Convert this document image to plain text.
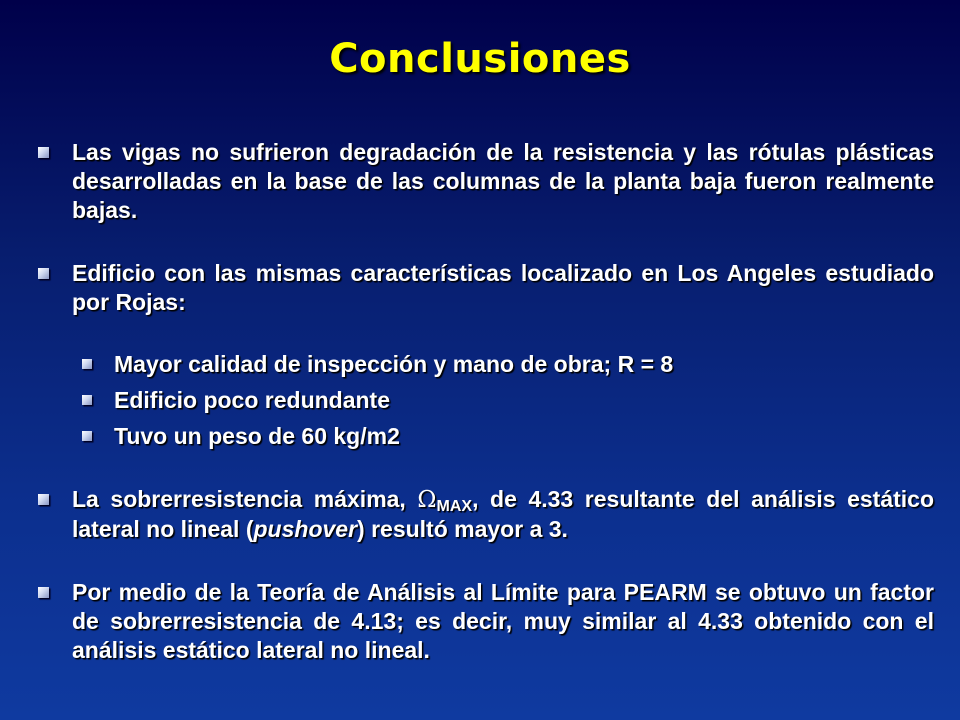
Conclusiones
Las vigas no sufrieron degradación de la resistencia y las rótulas plásticas desarrolladas en la base de las columnas de la planta baja fueron realmente bajas.
Edificio con las mismas características localizado en Los Angeles estudiado por Rojas:
Mayor calidad de inspección y mano de obra; R = 8
Edificio poco redundante
Tuvo un peso de 60 kg/m2
La sobrerresistencia máxima, $\Omega_{MAX}$, de 4.33 resultante del análisis estático lateral no lineal (pushover) resultó mayor a 3.
Por medio de la Teoría de Análisis al Límite para PEARM se obtuvo un factor de sobrerresistencia de 4.13; es decir, muy similar al 4.33 obtenido con el análisis estático lateral no lineal.
